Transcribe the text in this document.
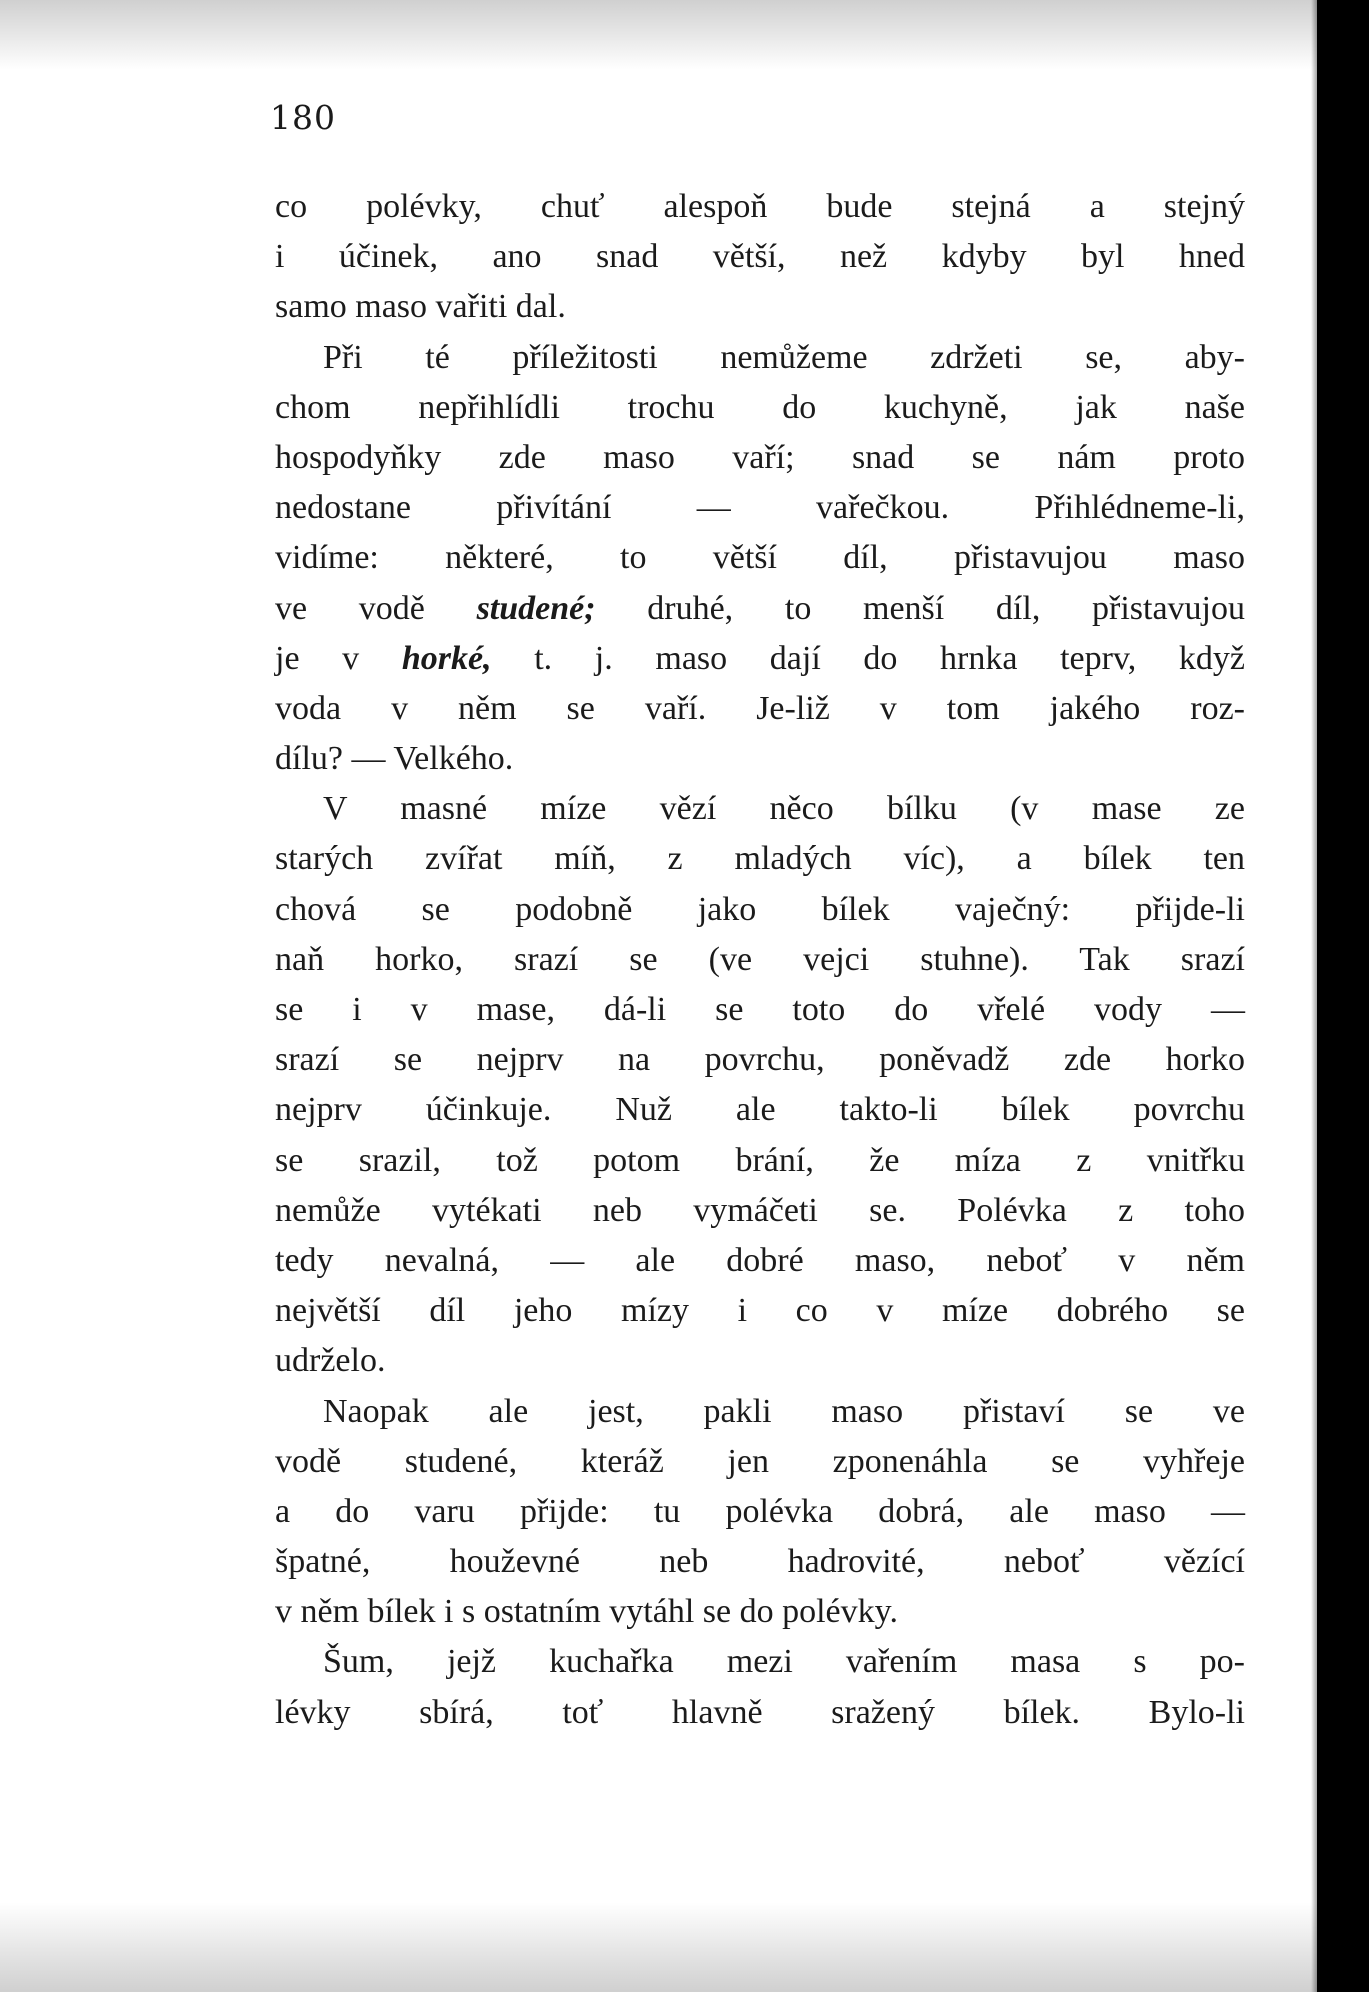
180
co polévky, chuť alespoň bude stejná a stejný
i účinek, ano snad větší, než kdyby byl hned
samo maso vařiti dal.
Při té příležitosti nemůžeme zdržeti se, aby-
chom nepřihlídli trochu do kuchyně, jak naše
hospodyňky zde maso vaří; snad se nám proto
nedostane přivítání — vařečkou. Přihlédneme-li,
vidíme: některé, to větší díl, přistavujou maso
ve vodě studené; druhé, to menší díl, přistavujou
je v horké, t. j. maso dají do hrnka teprv, když
voda v něm se vaří. Je-liž v tom jakého roz-
dílu? — Velkého.
V masné míze vězí něco bílku (v mase ze
starých zvířat míň, z mladých víc), a bílek ten
chová se podobně jako bílek vaječný: přijde-li
naň horko, srazí se (ve vejci stuhne). Tak srazí
se i v mase, dá-li se toto do vřelé vody —
srazí se nejprv na povrchu, poněvadž zde horko
nejprv účinkuje. Nuž ale takto-li bílek povrchu
se srazil, tož potom brání, že míza z vnitřku
nemůže vytékati neb vymáčeti se. Polévka z toho
tedy nevalná, — ale dobré maso, neboť v něm
největší díl jeho mízy i co v míze dobrého se
udrželo.
Naopak ale jest, pakli maso přistaví se ve
vodě studené, kteráž jen zponenáhla se vyhřeje
a do varu přijde: tu polévka dobrá, ale maso —
špatné, houževné neb hadrovité, neboť vězící
v něm bílek i s ostatním vytáhl se do polévky.
Šum, jejž kuchařka mezi vařením masa s po-
lévky sbírá, toť hlavně sražený bílek. Bylo-li
